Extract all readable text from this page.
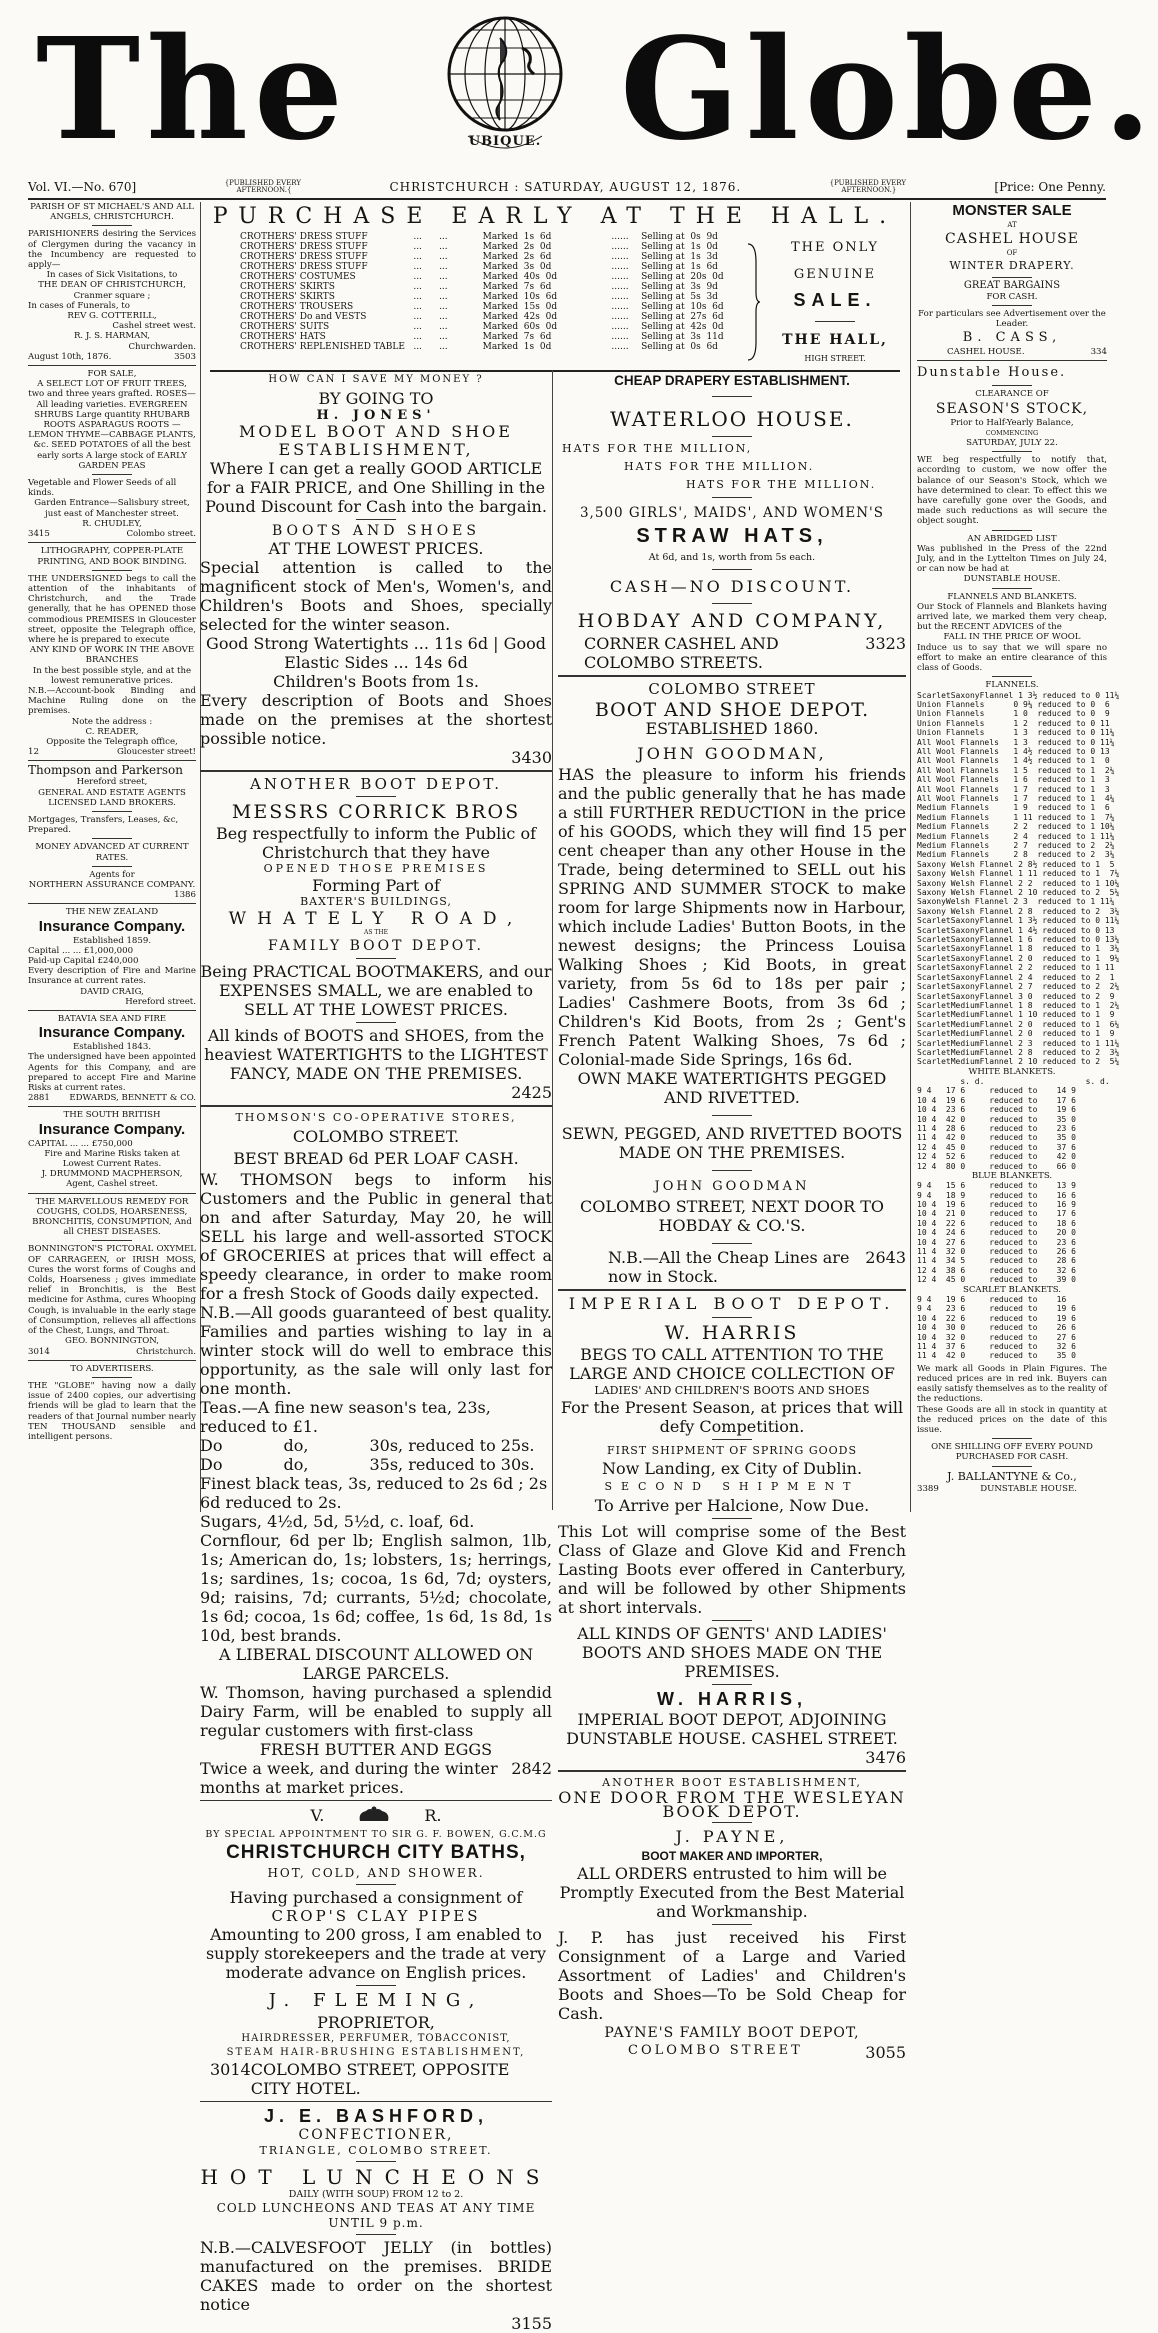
The	UBIQUE. Globe.
Vol. VI.—No. 670]	{PUBLISHED EVERY
AFTERNOON.{	CHRISTCHURCH : SATURDAY, AUGUST 12, 1876.	{PUBLISHED EVERY
AFTERNOON.}	[Price: One Penny.
PARISH OF ST MICHAEL'S AND ALL ANGELS, CHRISTCHURCH.
PARISHIONERS desiring the Services of Clergymen during the vacancy in the Incumbency are requested to apply—
In cases of Sick Visitations, to
THE DEAN OF CHRISTCHURCH,
Cranmer square ;
In cases of Funerals, to
REV G. COTTERILL,
Cashel street west.
R. J. S. HARMAN,
Churchwarden.
August 10th, 1876.	3503
FOR SALE,
A SELECT LOT OF FRUIT TREES, two and three years grafted. ROSES—All leading varieties. EVERGREEN SHRUBS Large quantity RHUBARB ROOTS ASPARAGUS ROOTS — LEMON THYME—CABBAGE PLANTS, &c. SEED POTATOES of all the best early sorts A large stock of EARLY GARDEN PEAS
Vegetable and Flower Seeds of all kinds.
Garden Entrance—Salisbury street, just east of Manchester street.
R. CHUDLEY,
3415	Colombo street.
LITHOGRAPHY, COPPER-PLATE PRINTING, AND BOOK BINDING.
THE UNDERSIGNED begs to call the attention of the inhabitants of Christchurch, and the Trade generally, that he has OPENED those commodious PREMISES in Gloucester street, opposite the Telegraph office, where he is prepared to execute
ANY KIND OF WORK IN THE ABOVE BRANCHES
In the best possible style, and at the lowest remunerative prices.
N.B.—Account-book Binding and Machine Ruling done on the premises.
Note the address :
C. READER,
Opposite the Telegraph office,
12	Gloucester street!
Thompson and Parkerson
Hereford street,
GENERAL AND ESTATE AGENTS
LICENSED LAND BROKERS.
Mortgages, Transfers, Leases, &c, Prepared.
MONEY ADVANCED AT CURRENT RATES.
Agents for
NORTHERN ASSURANCE COMPANY.
1386
THE NEW ZEALAND
Insurance Company.
Established 1859.
Capital ... ... £1,000,000
Paid-up Capital £240,000
Every description of Fire and Marine Insurance at current rates.
DAVID CRAIG,
Hereford street.
BATAVIA SEA AND FIRE
Insurance Company.
Established 1843.
The undersigned have been appointed Agents for this Company, and are prepared to accept Fire and Marine Risks at current rates.
2881 EDWARDS, BENNETT & CO.
THE SOUTH BRITISH
Insurance Company.
CAPITAL ... ... £750,000
Fire and Marine Risks taken at Lowest Current Rates.
J. DRUMMOND MACPHERSON,
Agent, Cashel street.
THE MARVELLOUS REMEDY FOR COUGHS, COLDS, HOARSENESS, BRONCHITIS, CONSUMPTION, And all CHEST DISEASES.
BONNINGTON'S PICTORAL OXYMEL OF CARRAGEEN, or IRISH MOSS, Cures the worst forms of Coughs and Colds, Hoarseness ; gives immediate relief in Bronchitis, is the Best medicine for Asthma, cures Whooping Cough, is invaluable in the early stage of Consumption, relieves all affections of the Chest, Lungs, and Throat.
GEO. BONNINGTON,
3014	Christchurch.
TO ADVERTISERS.
THE "GLOBE" having now a daily issue of 2400 copies, our advertising friends will be glad to learn that the readers of that Journal number nearly TEN THOUSAND sensible and intelligent persons.
PURCHASE EARLY AT THE HALL.
CROTHERS' DRESS STUFF	...      ...	Marked  1s  6d	......	Selling at  0s  9d
CROTHERS' DRESS STUFF	...      ...	Marked  2s  0d	......	Selling at  1s  0d
CROTHERS' DRESS STUFF	...      ...	Marked  2s  6d	......	Selling at  1s  3d
CROTHERS' DRESS STUFF	...      ...	Marked  3s  0d	......	Selling at  1s  6d
CROTHERS' COSTUMES	...      ...	Marked  40s  0d	......	Selling at  20s  0d
CROTHERS' SKIRTS	...      ...	Marked  7s  6d	......	Selling at  3s  9d
CROTHERS' SKIRTS	...      ...	Marked  10s  6d	......	Selling at  5s  3d
CROTHERS' TROUSERS	...      ...	Marked  15s  0d	......	Selling at  10s  6d
CROTHERS' Do and VESTS	...      ...	Marked  42s  0d	......	Selling at  27s  6d
CROTHERS' SUITS	...      ...	Marked  60s  0d	......	Selling at  42s  0d
CROTHERS' HATS	...      ...	Marked  7s  6d	......	Selling at  3s  11d
CROTHERS' REPLENISHED TABLE ...      ...	Marked  1s  0d	......	Selling at  0s  6d
THE ONLY
GENUINE
SALE.
THE HALL,
HIGH STREET.
HOW CAN I SAVE MY MONEY ?
BY GOING TO
H. JONES'
MODEL BOOT AND SHOE ESTABLISHMENT,
Where I can get a really GOOD ARTICLE for a FAIR PRICE, and One Shilling in the Pound Discount for Cash into the bargain.
BOOTS AND SHOES
AT THE LOWEST PRICES.
Special attention is called to the magnificent stock of Men's, Women's, and Children's Boots and Shoes, specially selected for the winter season.
Good Strong Watertights ... 11s 6d | Good Elastic Sides ... 14s 6d
Children's Boots from 1s.
Every description of Boots and Shoes made on the premises at the shortest possible notice.
3430
ANOTHER BOOT DEPOT.
MESSRS CORRICK BROS
Beg respectfully to inform the Public of Christchurch that they have
OPENED THOSE PREMISES
Forming Part of
BAXTER'S BUILDINGS,
WHATELY ROAD,
AS THE
FAMILY BOOT DEPOT.
Being PRACTICAL BOOTMAKERS, and our EXPENSES SMALL, we are enabled to SELL AT THE LOWEST PRICES.
All kinds of BOOTS and SHOES, from the heaviest WATERTIGHTS to the LIGHTEST FANCY, MADE ON THE PREMISES.
2425
THOMSON'S CO-OPERATIVE STORES,
COLOMBO STREET.
BEST BREAD 6d PER LOAF CASH.
W. THOMSON begs to inform his Customers and the Public in general that on and after Saturday, May 20, he will SELL his large and well-assorted STOCK of GROCERIES at prices that will effect a speedy clearance, in order to make room for a fresh Stock of Goods daily expected.
N.B.—All goods guaranteed of best quality. Families and parties wishing to lay in a winter stock will do well to embrace this opportunity, as the sale will only last for one month.
Teas.—A fine new season's tea, 23s, reduced to £1.
Do            do,            30s, reduced to 25s.
Do            do,            35s, reduced to 30s.
Finest black teas, 3s, reduced to 2s 6d ; 2s 6d reduced to 2s.
Sugars, 4½d, 5d, 5½d, c. loaf, 6d.
Cornflour, 6d per lb; English salmon, 1lb, 1s; American do, 1s; lobsters, 1s; herrings, 1s; sardines, 1s; cocoa, 1s 6d, 7d; oysters, 9d; raisins, 7d; currants, 5½d; chocolate, 1s 6d; cocoa, 1s 6d; coffee, 1s 6d, 1s 8d, 1s 10d, best brands.
A LIBERAL DISCOUNT ALLOWED ON LARGE PARCELS.
W. Thomson, having purchased a splendid Dairy Farm, will be enabled to supply all regular customers with first-class
FRESH BUTTER AND EGGS
Twice a week, and during the winter months at market prices.
2842
V.	R.
BY SPECIAL APPOINTMENT TO SIR G. F. BOWEN, G.C.M.G
CHRISTCHURCH CITY BATHS,
HOT, COLD, AND SHOWER.
Having purchased a consignment of
CROP'S CLAY PIPES
Amounting to 200 gross, I am enabled to supply storekeepers and the trade at very moderate advance on English prices.
J. FLEMING,
PROPRIETOR,
HAIRDRESSER, PERFUMER, TOBACCONIST,
STEAM HAIR-BRUSHING ESTABLISHMENT,
3014 COLOMBO STREET, OPPOSITE CITY HOTEL.
J. E. BASHFORD,
CONFECTIONER,
TRIANGLE, COLOMBO STREET.
HOT LUNCHEONS
DAILY (WITH SOUP) FROM 12 to 2.
COLD LUNCHEONS AND TEAS AT ANY TIME UNTIL 9 p.m.
N.B.—CALVESFOOT JELLY (in bottles) manufactured on the premises. BRIDE CAKES made to order on the shortest notice
3155
CHEAP DRAPERY ESTABLISHMENT.
WATERLOO HOUSE.
HATS FOR THE MILLION,
HATS FOR THE MILLION.
HATS FOR THE MILLION.
3,500 GIRLS', MAIDS', AND WOMEN'S
STRAW HATS,
At 6d, and 1s, worth from 5s each.
CASH—NO DISCOUNT.
HOBDAY AND COMPANY,
CORNER CASHEL AND COLOMBO STREETS.
3323
COLOMBO STREET
BOOT AND SHOE DEPOT.
ESTABLISHED 1860.
JOHN GOODMAN,
HAS the pleasure to inform his friends and the public generally that he has made a still FURTHER REDUCTION in the price of his GOODS, which they will find 15 per cent cheaper than any other House in the Trade, being determined to SELL out his SPRING AND SUMMER STOCK to make room for large Shipments now in Harbour, which include Ladies' Button Boots, in the newest designs; the Princess Louisa Walking Shoes ; Kid Boots, in great variety, from 5s 6d to 18s per pair ; Ladies' Cashmere Boots, from 3s 6d ; Children's Kid Boots, from 2s ; Gent's French Patent Walking Shoes, 7s 6d ; Colonial-made Side Springs, 16s 6d.
OWN MAKE WATERTIGHTS PEGGED AND RIVETTED.
SEWN, PEGGED, AND RIVETTED BOOTS MADE ON THE PREMISES.
JOHN GOODMAN
COLOMBO STREET, NEXT DOOR TO HOBDAY & CO.'S.
N.B.—All the Cheap Lines are now in Stock.
2643
IMPERIAL BOOT DEPOT.
W. HARRIS
BEGS TO CALL ATTENTION TO THE LARGE AND CHOICE COLLECTION OF
LADIES' AND CHILDREN'S BOOTS AND SHOES
For the Present Season, at prices that will defy Competition.
FIRST SHIPMENT OF SPRING GOODS
Now Landing, ex City of Dublin.
SECOND SHIPMENT
To Arrive per Halcione, Now Due.
This Lot will comprise some of the Best Class of Glaze and Glove Kid and French Lasting Boots ever offered in Canterbury, and will be followed by other Shipments at short intervals.
ALL KINDS OF GENTS' AND LADIES' BOOTS AND SHOES MADE ON THE PREMISES.
W. HARRIS,
IMPERIAL BOOT DEPOT, ADJOINING DUNSTABLE HOUSE. CASHEL STREET.
3476
ANOTHER BOOT ESTABLISHMENT,
ONE DOOR FROM THE WESLEYAN BOOK DEPOT.
J. PAYNE,
BOOT MAKER AND IMPORTER,
ALL ORDERS entrusted to him will be Promptly Executed from the Best Material and Workmanship.
J. P. has just received his First Consignment of a Large and Varied Assortment of Ladies' and Children's Boots and Shoes—To be Sold Cheap for Cash.
PAYNE'S FAMILY BOOT DEPOT,
COLOMBO STREET	3055
MONSTER SALE
AT
CASHEL HOUSE
OF
WINTER DRAPERY.
GREAT BARGAINS
FOR CASH.
For particulars see Advertisement over the Leader.
B. CASS,
CASHEL HOUSE.	334
Dunstable House.
CLEARANCE OF
SEASON'S STOCK,
Prior to Half-Yearly Balance,
COMMENCING
SATURDAY, JULY 22.
WE beg respectfully to notify that, according to custom, we now offer the balance of our Season's Stock, which we have determined to clear. To effect this we have carefully gone over the Goods, and made such reductions as will secure the object sought.
AN ABRIDGED LIST
Was published in the Press of the 22nd July, and in the Lyttelton Times on July 24, or can now be had at
DUNSTABLE HOUSE.
FLANNELS AND BLANKETS.
Our Stock of Flannels and Blankets having arrived late, we marked them very cheap, but the RECENT ADVICES of the
FALL IN THE PRICE OF WOOL
Induce us to say that we will spare no effort to make an entire clearance of this class of Goods.
FLANNELS.
ScarletSaxonyFlannel 1 3½ reduced to 0 11¼
Union Flannels      0 9¼ reduced to 0  6
Union Flannels      1 0  reduced to 0  9
Union Flannels      1 2  reduced to 0 11
Union Flannels      1 3  reduced to 0 11¼
All Wool Flannels   1 3  reduced to 0 11¼
All Wool Flannels   1 4½ reduced to 0 13
All Wool Flannels   1 4½ reduced to 1  0
All Wool Flannels   1 5  reduced to 1  2¼
All Wool Flannels   1 6  reduced to 1  3
All Wool Flannels   1 7  reduced to 1  3
All Wool Flannels   1 7  reduced to 1  4¼
Medium Flannels     1 9  reduced to 1  6
Medium Flannels     1 11 reduced to 1  7¼
Medium Flannels     2 2  reduced to 1 10¼
Medium Flannels     2 4  reduced to 1 11¼
Medium Flannels     2 7  reduced to 2  2¼
Medium Flannels     2 8  reduced to 2  3¼
Saxony Welsh Flannel 2 8½ reduced to 1  5
Saxony Welsh Flannel 1 11 reduced to 1  7¼
Saxony Welsh Flannel 2 2  reduced to 1 10¼
Saxony Welsh Flannel 2 10 reduced to 2  5¼
SaxonyWelsh Flannel 2 3  reduced to 1 11¼
Saxony Welsh Flannel 2 8  reduced to 2  3¼
ScarletSaxonyFlannel 1 3½ reduced to 0 11¼
ScarletSaxonyFlannel 1 4½ reduced to 0 13
ScarletSaxonyFlannel 1 6  reduced to 0 13¼
ScarletSaxonyFlannel 1 8  reduced to 1  3¼
ScarletSaxonyFlannel 2 0  reduced to 1  9¼
ScarletSaxonyFlannel 2 2  reduced to 1 11
ScarletSaxonyFlannel 2 4  reduced to 2  1
ScarletSaxonyFlannel 2 7  reduced to 2  2¼
ScarletSaxonyFlannel 3 0  reduced to 2  9
ScarletMediumFlannel 1 8  reduced to 1  2¼
ScarletMediumFlannel 1 10 reduced to 1  9
ScarletMediumFlannel 2 0  reduced to 1  6¼
ScarletMediumFlannel 2 0  reduced to 1  9
ScarletMediumFlannel 2 3  reduced to 1 11¼
ScarletMediumFlannel 2 8  reduced to 2  3¼
ScarletMediumFlannel 2 10 reduced to 2  5¼
WHITE BLANKETS.
s. d.                     s. d.
9 4   17 6     reduced to    14 9
10 4  19 6     reduced to    17 6
10 4  23 6     reduced to    19 6
10 4  42 0     reduced to    35 0
11 4  28 6     reduced to    23 6
11 4  42 0     reduced to    35 0
12 4  45 0     reduced to    37 6
12 4  52 6     reduced to    42 0
12 4  80 0     reduced to    66 0
BLUE BLANKETS.
9 4   15 6     reduced to    13 9
9 4   18 9     reduced to    16 6
10 4  19 6     reduced to    16 9
10 4  21 0     reduced to    17 6
10 4  22 6     reduced to    18 6
10 4  24 6     reduced to    20 0
10 4  27 6     reduced to    23 6
11 4  32 0     reduced to    26 6
11 4  34 5     reduced to    28 6
12 4  38 6     reduced to    32 6
12 4  45 0     reduced to    39 0
SCARLET BLANKETS.
9 4   19 6     reduced to    16
9 4   23 6     reduced to    19 6
10 4  22 6     reduced to    19 6
10 4  30 0     reduced to    26 6
10 4  32 0     reduced to    27 6
11 4  37 6     reduced to    32 6
11 4  42 0     reduced to    35 0
We mark all Goods in Plain Figures. The reduced prices are in red ink. Buyers can easily satisfy themselves as to the reality of the reductions.
These Goods are all in stock in quantity at the reduced prices on the date of this issue.
ONE SHILLING OFF EVERY POUND PURCHASED FOR CASH.
J. BALLANTYNE & Co.,
3389	DUNSTABLE HOUSE.
